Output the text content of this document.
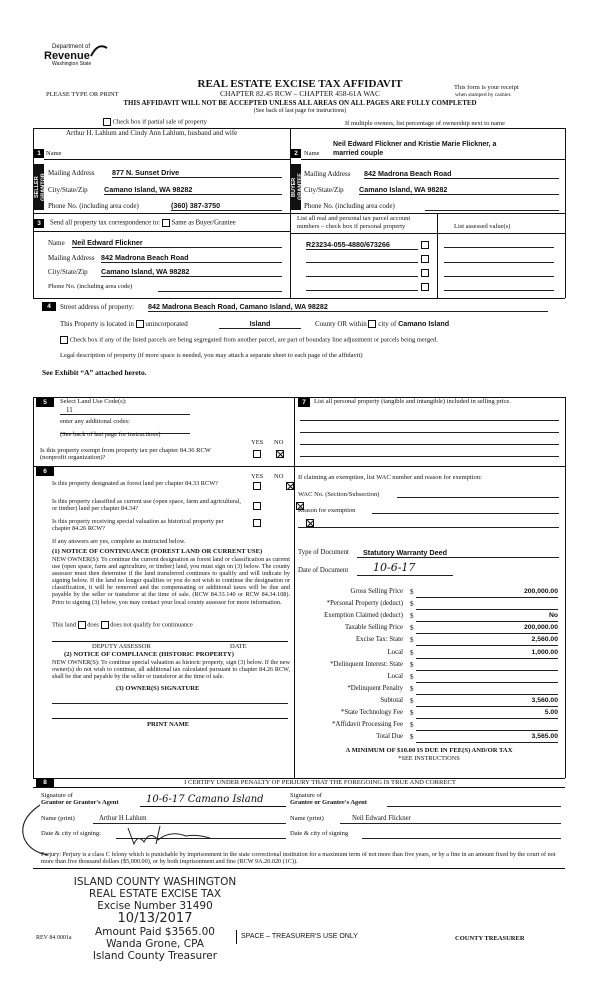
Department of
Revenue
Washington State
PLEASE TYPE OR PRINT
REAL ESTATE EXCISE TAX AFFIDAVIT
CHAPTER 82.45 RCW – CHAPTER 458-61A WAC
This form is your receipt
when stamped by cashier.
THIS AFFIDAVIT WILL NOT BE ACCEPTED UNLESS ALL AREAS ON ALL PAGES ARE FULLY COMPLETED
(See back of last page for instructions)
Check box if partial sale of property	If multiple owners, list percentage of ownership next to name
1
SELLER GRANTOR
Arthur H. Lahlum and Cindy Ann Lahlum, husband and wife
Name
Mailing Address 877 N. Sunset Drive
City/State/Zip Camano Island, WA 98282
Phone No. (including area code)	(360) 387-3750
2
BUYER GRANTEE
Neil Edward Flickner and Kristie Marie Flickner, a
Name married couple
Mailing Address 842 Madrona Beach Road
City/State/Zip Camano Island, WA 98282
Phone No. (including area code)
3	Send all property tax correspondence to: Same as Buyer/Grantee
Name Neil Edward Flickner
Mailing Address 842 Madrona Beach Road
City/State/Zip Camano Island, WA 98282
Phone No. (including area code)
List all real and personal tax parcel account
numbers – check box if personal property	List assessed value(s)
R23234-055-4880/673266
4	Street address of property: 842 Madrona Beach Road, Camano Island, WA 98282
This Property is located in unincorporated	Island	County OR within city of Camano Island
Check box if any of the listed parcels are being segregated from another parcel, are part of boundary line adjustment or parcels being merged.
Legal description of property (if more space is needed, you may attach a separate sheet to each page of the affidavit)
See Exhibit “A” attached hereto.
5	Select Land Use Code(s):
11
enter any additional codes:
(See back of last page for instructions)
YES NO
Is this property exempt from property tax per chapter 84.36 RCW (nonprofit organization)?

6
YES NO
Is this property designated as forest land per chapter 84.33 RCW?

Is this property classified as current use (open space, farm and agricultural, or timber) land per chapter 84.34?

Is this property receiving special valuation as historical property per chapter 84.26 RCW?
If any answers are yes, complete as instructed below.
(1) NOTICE OF CONTINUANCE (FOREST LAND OR CURRENT USE)
NEW OWNER(S): To continue the current designation as forest land or classification as current use (open space, farm and agriculture, or timber) land, you must sign on (3) below. The county assessor must then determine if the land transferred continues to qualify and will indicate by signing below. If the land no longer qualifies or you do not wish to continue the designation or classification, it will be removed and the compensating or additional taxes will be due and payable by the seller or transferor at the time of sale. (RCW 84.33.140 or RCW 84.34.108). Prior to signing (3) below, you may contact your local county assessor for more information.
This land does does not qualify for continuance
DEPUTY ASSESSOR	DATE
(2) NOTICE OF COMPLIANCE (HISTORIC PROPERTY)
NEW OWNER(S): To continue special valuation as historic property, sign (3) below. If the new owner(s) do not wish to continue, all additional tax calculated pursuant to chapter 84.26 RCW, shall be due and payable by the seller or transferor at the time of sale.
(3) OWNER(S) SIGNATURE
PRINT NAME
7	List all personal property (tangible and intangible) included in selling price.
If claiming an exemption, list WAC number and reason for exemption:
WAC No. (Section/Subsection)
Reason for exemption
Type of Document	Statutory Warranty Deed
Date of Document	10-6-17
Gross Selling Price $	200,000.00
*Personal Property (deduct) $
Exemption Claimed (deduct) $	No
Taxable Selling Price $	200,000.00
Excise Tax: State $	2,560.00
Local $	1,000.00
*Delinquent Interest: State $
Local $
*Delinquent Penalty $
Subtotal $	3,560.00
*State Technology Fee $	5.00
*Affidavit Processing Fee $
Total Due $	3,565.00
A MINIMUM OF $10.00 IS DUE IN FEE(S) AND/OR TAX
*SEE INSTRUCTIONS
8	I CERTIFY UNDER PENALTY OF PERJURY THAT THE FOREGOING IS TRUE AND CORRECT
Signature of
Grantor or Grantor's Agent	10-6-17 Camano Island	Signature of
Grantee or Grantee's Agent
Name (print)	Arthur H Lahlum	Name (print)	Neil Edward Flickner
Date & city of signing:	Date & city of signing
Perjury: Perjury is a class C felony which is punishable by imprisonment in the state correctional institution for a maximum term of not more than five years, or by a fine in an amount fixed by the court of not more than five thousand dollars ($5,000.00), or by both imprisonment and fine (RCW 9A.20.020 (1C)).
ISLAND COUNTY WASHINGTON
REAL ESTATE EXCISE TAX
Excise Number 31490
10/13/2017
Amount Paid $3565.00
Wanda Grone, CPA
Island County Treasurer
REV 84 0001a	SPACE – TREASURER'S USE ONLY	COUNTY TREASURER
